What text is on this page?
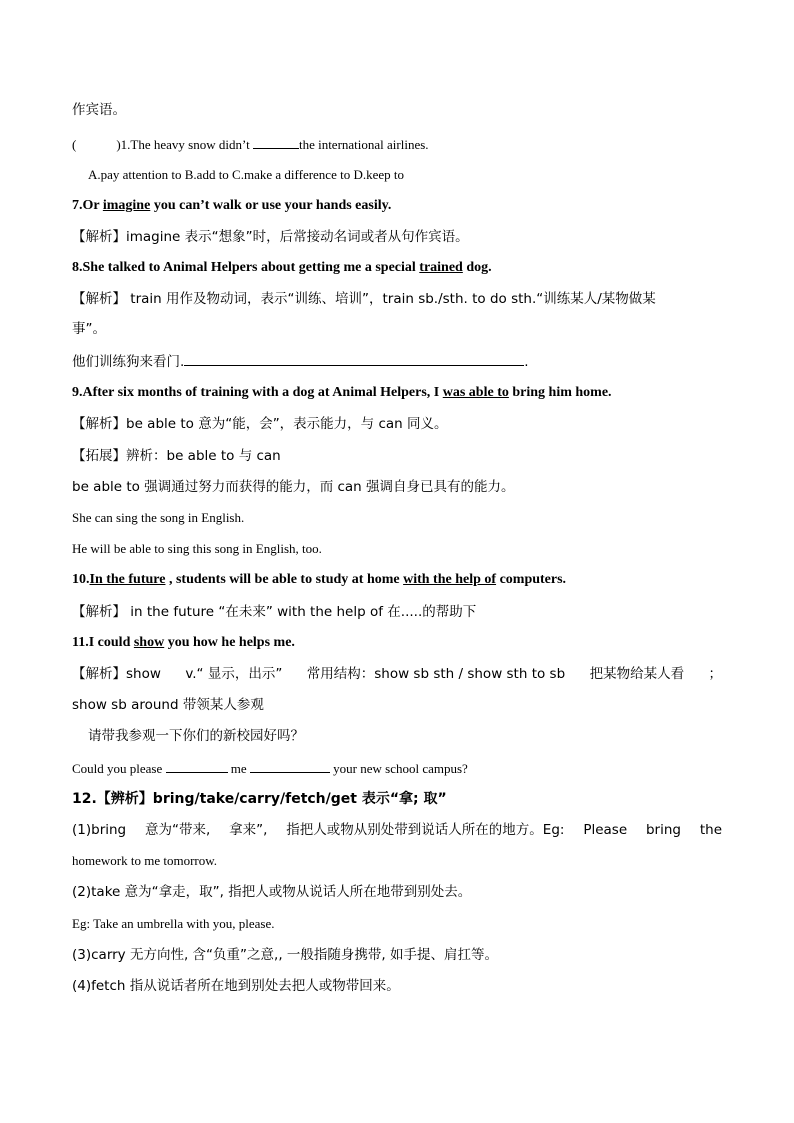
作宾语。
(	)1.The heavy snow didn’t	the international airlines.
A.pay attention to B.add to C.make a difference to D.keep to
7.Or imagine you can’t walk or use your hands easily.
【解析】imagine 表示“想象”时，后常接动名词或者从句作宾语。
8.She talked to Animal Helpers about getting me a special trained dog.
【解析】 train 用作及物动词，表示“训练、培训”，train sb./sth. to do sth.“训练某人/某物做某
事”。
他们训练狗来看门.	.
9.After six months of training with a dog at Animal Helpers, I was able to bring him home.
【解析】be able to 意为“能，会”，表示能力，与 can 同义。
【拓展】辨析：be able to 与 can
be able to 强调通过努力而获得的能力，而 can 强调自身已具有的能力。
She can sing the song in English.
He will be able to sing this song in English, too.
10.In the future , students will be able to study at home with the help of computers.
【解析】 in the future “在未来” with the help of 在.....的帮助下
11.I could show you how he helps me.
【解析】show v.“ 显示，出示” 常用结构：show sb sth / show sth to sb 把某物给某人看 ；
show sb around 带领某人参观
请带我参观一下你们的新校园好吗？
Could you please	me	your new school campus?
12.【辨析】bring/take/carry/fetch/get 表示“拿; 取”
(1)bring 意为“带来, 拿来”, 指把人或物从别处带到说话人所在的地方。Eg: Please bring the
homework to me tomorrow.
(2)take 意为“拿走，取”, 指把人或物从说话人所在地带到别处去。
Eg: Take an umbrella with you, please.
(3)carry 无方向性, 含“负重”之意,, 一般指随身携带, 如手提、肩扛等。
(4)fetch 指从说话者所在地到别处去把人或物带回来。
